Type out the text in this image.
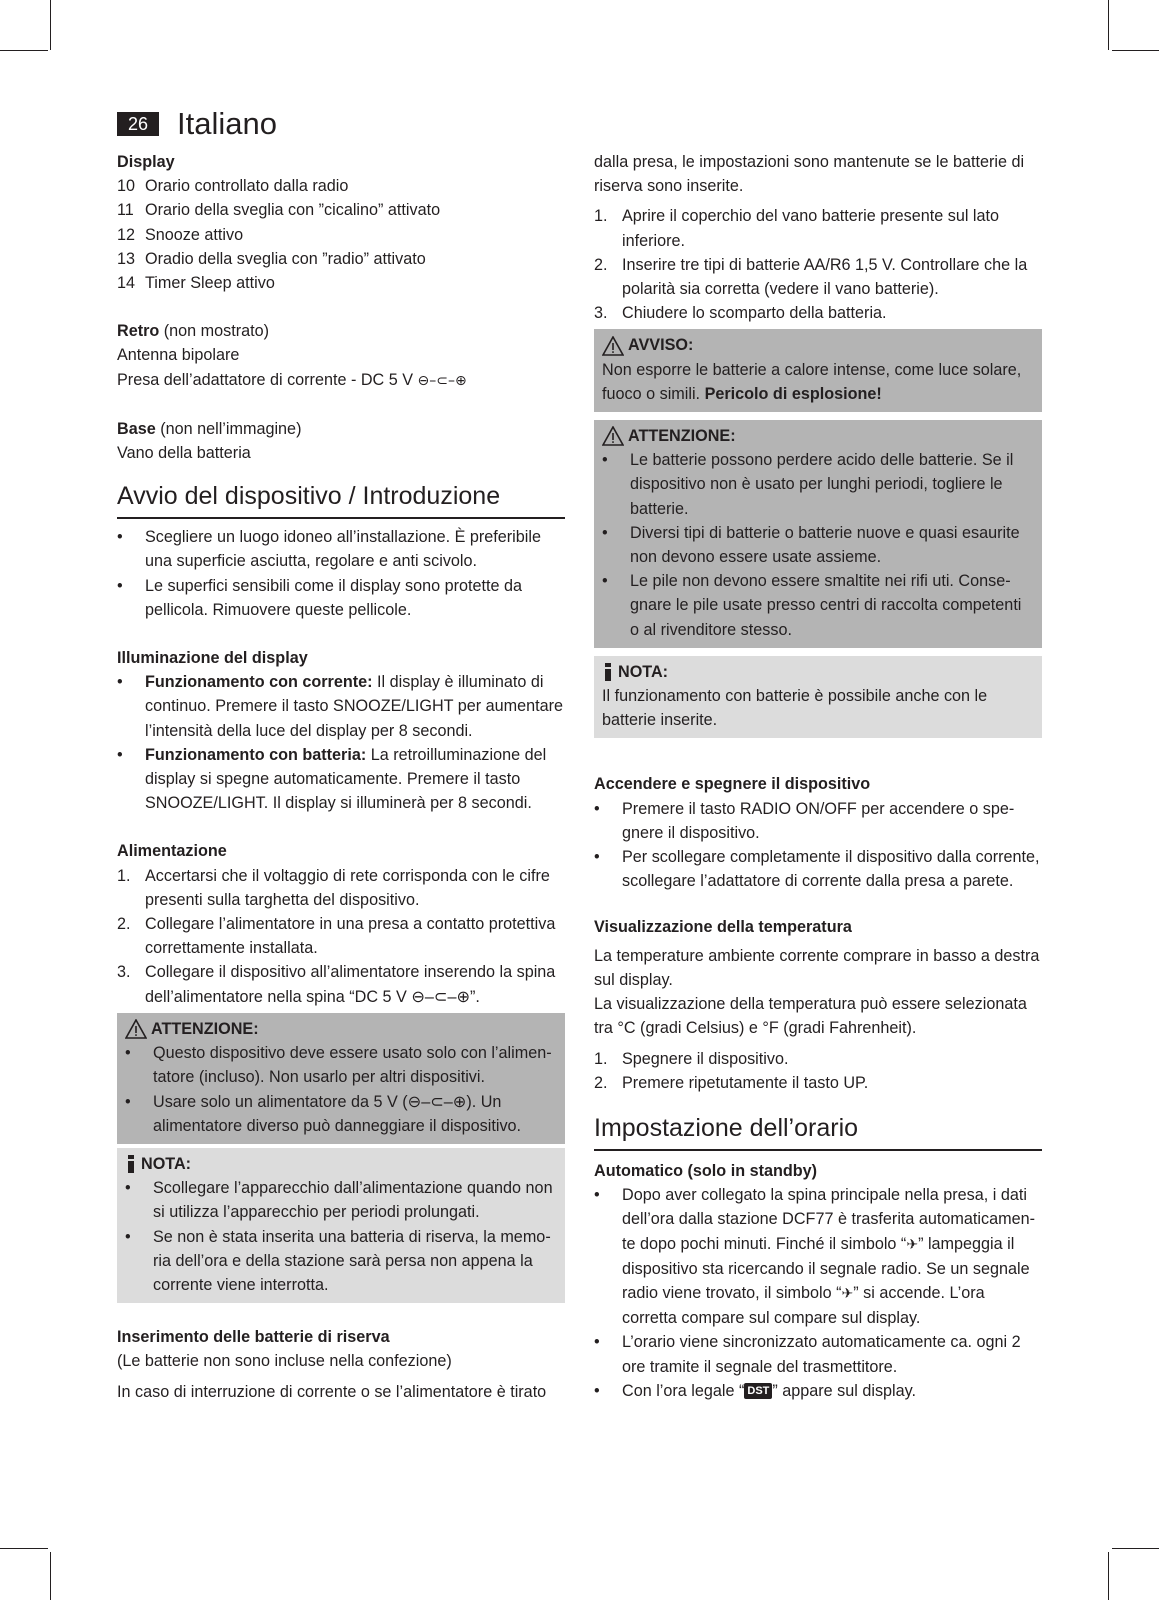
26 Italiano

Display

10 Orario controllato dalla radio
11 Orario della sveglia con ”cicalino” attivato
12 Snooze attivo
13 Oradio della sveglia con ”radio” attivato
14 Timer Sleep attivo

Retro (non mostrato)

Antenna bipolare

Presa dell’adattatore di corrente - DC 5 V ⊖–⊂–⊕

Base (non nell’immagine)

Vano della batteria

Avvio del dispositivo / Introduzione
• Scegliere un luogo idoneo all’installazione. È preferibile una superficie asciutta, regolare e anti scivolo.
• Le superfici sensibili come il display sono protette da pellicola. Rimuovere queste pellicole.

Illuminazione del display

• Funzionamento con corrente: Il display è illuminato di continuo. Premere il tasto SNOOZE/LIGHT per aumentare l’intensità della luce del display per 8 secondi.
• Funzionamento con batteria: La retroilluminazione del display si spegne automaticamente. Premere il tasto SNOOZE/LIGHT. Il display si illuminerà per 8 secondi.

Alimentazione

1. Accertarsi che il voltaggio di rete corrisponda con le cifre presenti sulla targhetta del dispositivo.
2. Collegare l’alimentatore in una presa a contatto protettiva correttamente installata.
3. Collegare il dispositivo all’alimentatore inserendo la spina dell’alimentatore nella spina “DC 5 V ⊖–⊂–⊕”.
ATTENZIONE:
• Questo dispositivo deve essere usato solo con l’alimentatore (incluso). Non usarlo per altri dispositivi.
• Usare solo un alimentatore da 5 V (⊖–⊂–⊕). Un alimentatore diverso può danneggiare il dispositivo.
NOTA:
• Scollegare l’apparecchio dall’alimentazione quando non si utilizza l’apparecchio per periodi prolungati.
• Se non è stata inserita una batteria di riserva, la memoria dell’ora e della stazione sarà persa non appena la corrente viene interrotta.

Inserimento delle batterie di riserva

(Le batterie non sono incluse nella confezione)

In caso di interruzione di corrente o se l’alimentatore è tirato

dalla presa, le impostazioni sono mantenute se le batterie di riserva sono inserite.

1. Aprire il coperchio del vano batterie presente sul lato inferiore.
2. Inserire tre tipi di batterie AA/R6 1,5 V. Controllare che la polarità sia corretta (vedere il vano batterie).
3. Chiudere lo scomparto della batteria.
AVVISO:

Non esporre le batterie a calore intense, come luce solare, fuoco o simili. Pericolo di esplosione!

ATTENZIONE:
• Le batterie possono perdere acido delle batterie. Se il dispositivo non è usato per lunghi periodi, togliere le batterie.
• Diversi tipi di batterie o batterie nuove e quasi esaurite non devono essere usate assieme.
• Le pile non devono essere smaltite nei rifi uti. Consegnare le pile usate presso centri di raccolta competenti o al rivenditore stesso.
NOTA:

Il funzionamento con batterie è possibile anche con le batterie inserite.

Accendere e spegnere il dispositivo

• Premere il tasto RADIO ON/OFF per accendere o spegnere il dispositivo.
• Per scollegare completamente il dispositivo dalla corrente, scollegare l’adattatore di corrente dalla presa a parete.

Visualizzazione della temperatura

La temperature ambiente corrente comprare in basso a destra sul display.

La visualizzazione della temperatura può essere selezionata tra °C (gradi Celsius) e °F (gradi Fahrenheit).

1. Spegnere il dispositivo.
2. Premere ripetutamente il tasto UP.
Impostazione dell’orario

Automatico (solo in standby)

• Dopo aver collegato la spina principale nella presa, i dati dell’ora dalla stazione DCF77 è trasferita automaticamente dopo pochi minuti. Finché il simbolo “✈” lampeggia il dispositivo sta ricercando il segnale radio. Se un segnale radio viene trovato, il simbolo “✈” si accende. L’ora corretta compare sul compare sul display.
• L’orario viene sincronizzato automaticamente ca. ogni 2 ore tramite il segnale del trasmettitore.
• Con l’ora legale “ DST ” appare sul display.
